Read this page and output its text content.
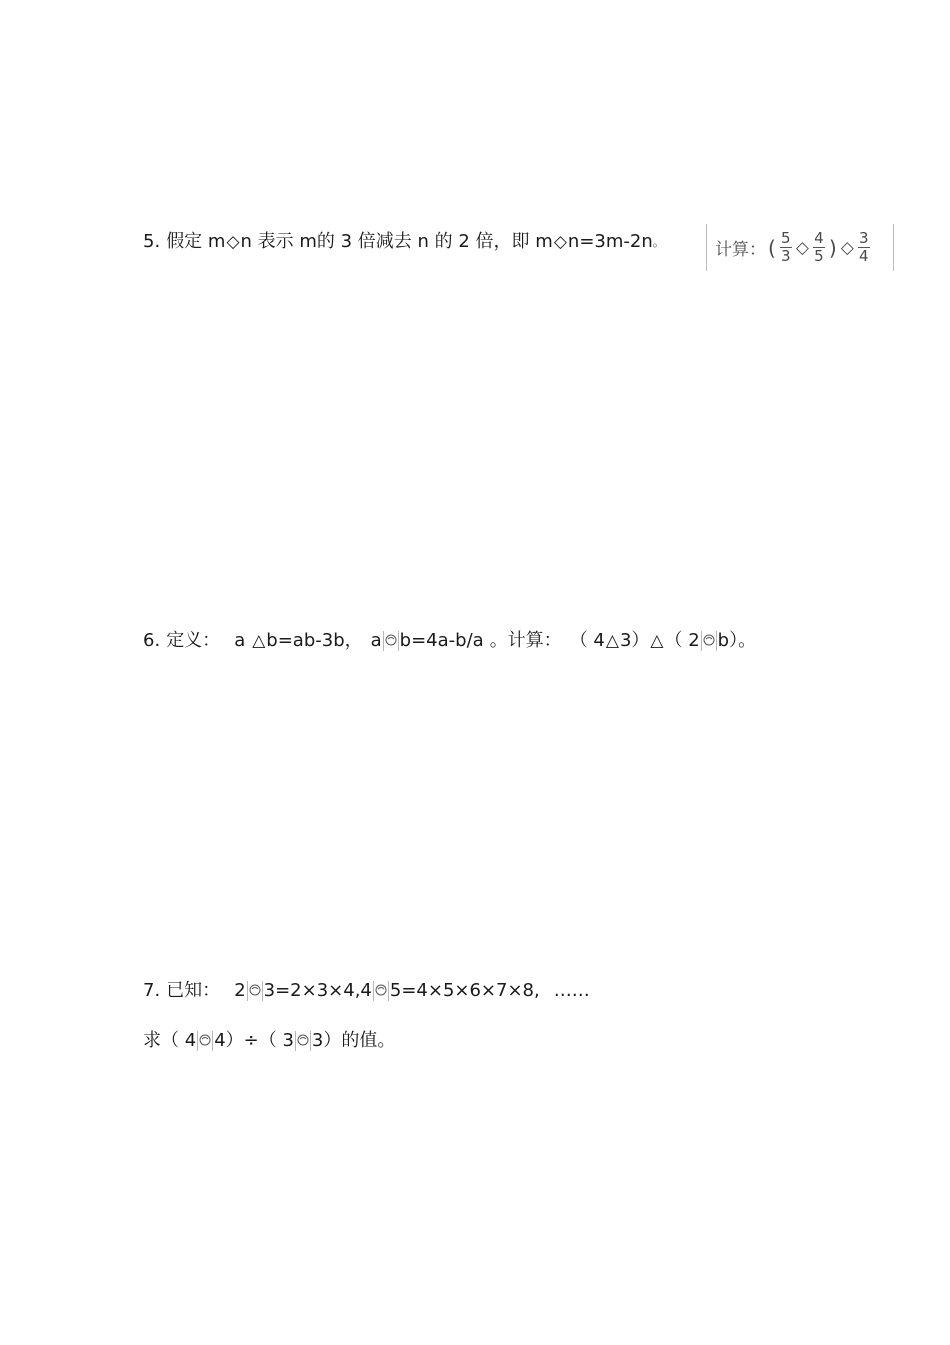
5. 假定 m ◇ n 表示 m的 3 倍减去 n 的 2 倍，即 m ◇ n=3m-2n 。	计算： ( $\frac{5}{3}$ ◇ $\frac{4}{5}$ ) ◇ $\frac{3}{4}$
6. 定义： a △ b=ab-3b， a b=4a-b/a 。计算： （ 4 △ 3） △ （ 2 b）。
7. 已知： 2 3=2×3×4,4 5=4×5×6×7×8, ……
求（ 4 4）÷（ 3 3）的值。
